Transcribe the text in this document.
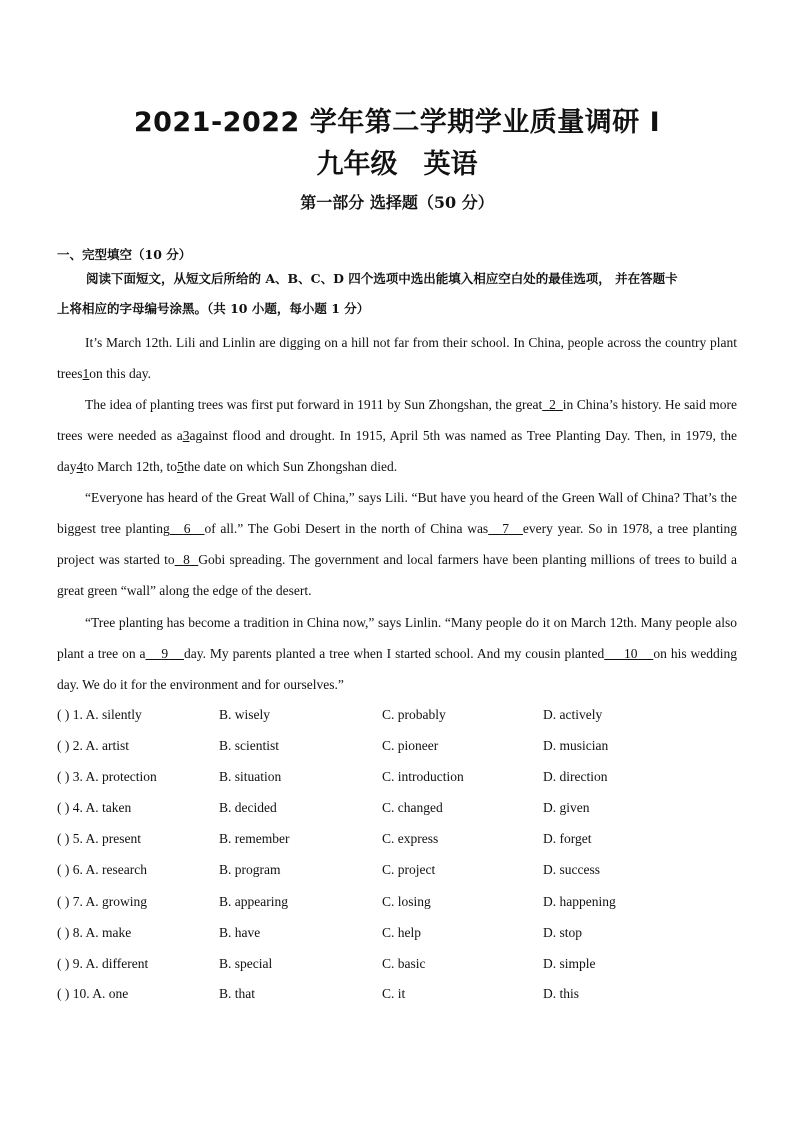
2021-2022 学年第二学期学业质量调研 I
九年级 英语
第一部分 选择题（50 分）
一、完型填空（10 分）
阅读下面短文，从短文后所给的 A、B、C、D 四个选项中选出能填入相应空白处的最佳选项， 并在答题卡
上将相应的字母编号涂黑。（共 10 小题，每小题 1 分）
It’s March 12th. Lili and Linlin are digging on a hill not far from their school. In China, people across the country plant trees1on this day.
The idea of planting trees was first put forward in 1911 by Sun Zhongshan, the great 2 in China’s history. He said more trees were needed as a3against flood and drought. In 1915, April 5th was named as Tree Planting Day. Then, in 1979, the day4to March 12th, to5the date on which Sun Zhongshan died.
“Everyone has heard of the Great Wall of China,” says Lili. “But have you heard of the Green Wall of China? That’s the biggest tree planting 6 of all.” The Gobi Desert in the north of China was 7 every year. So in 1978, a tree planting project was started to 8 Gobi spreading. The government and local farmers have been planting millions of trees to build a great green “wall” along the edge of the desert.
“Tree planting has become a tradition in China now,” says Linlin. “Many people do it on March 12th. Many people also plant a tree on a 9 day. My parents planted a tree when I started school. And my cousin planted 10 on his wedding day. We do it for the environment and for ourselves.”
( ) 1. A. silently	B. wisely	C. probably	D. actively
( ) 2. A. artist	B. scientist	C. pioneer	D. musician
( ) 3. A. protection	B. situation	C. introduction	D. direction
( ) 4. A. taken	B. decided	C. changed	D. given
( ) 5. A. present	B. remember	C. express	D. forget
( ) 6. A. research	B. program	C. project	D. success
( ) 7. A. growing	B. appearing	C. losing	D. happening
( ) 8. A. make	B. have	C. help	D. stop
( ) 9. A. different	B. special	C. basic	D. simple
( ) 10. A. one	B. that	C. it	D. this
